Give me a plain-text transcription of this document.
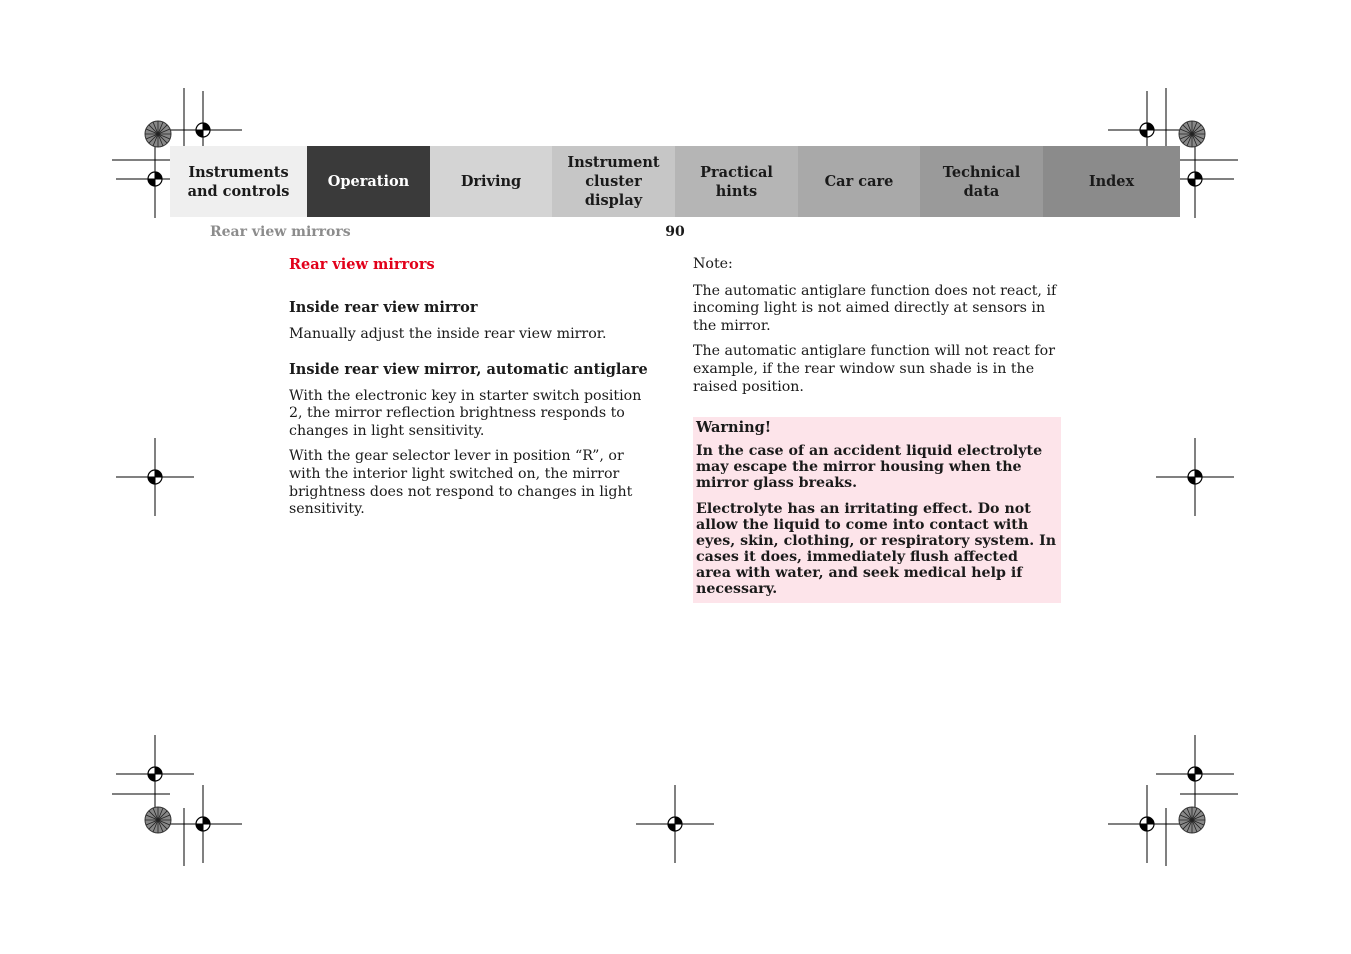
Instruments
and controls
Operation	Driving
Instrument
cluster display
Practical hints
Car care
Technical
data
Index
Rear view mirrors	90
Rear view mirrors
Inside rear view mirror

Manually adjust the inside rear view mirror.

Inside rear view mirror, automatic antiglare

With the electronic key in starter switch position 2, the mirror reflection brightness responds to changes in light sensitivity.

With the gear selector lever in position “R”, or with the interior light switched on, the mirror brightness does not respond to changes in light sensitivity.

Note:

The automatic antiglare function does not react, if incoming light is not aimed directly at sensors in the mirror.

The automatic antiglare function will not react for example, if the rear window sun shade is in the raised position.

Warning!
In the case of an accident liquid electrolyte may escape the mirror housing when the mirror glass breaks.
Electrolyte has an irritating effect. Do not allow the liquid to come into contact with eyes, skin, clothing, or respiratory system. In cases it does, immediately flush affected area with water, and seek medical help if necessary.
